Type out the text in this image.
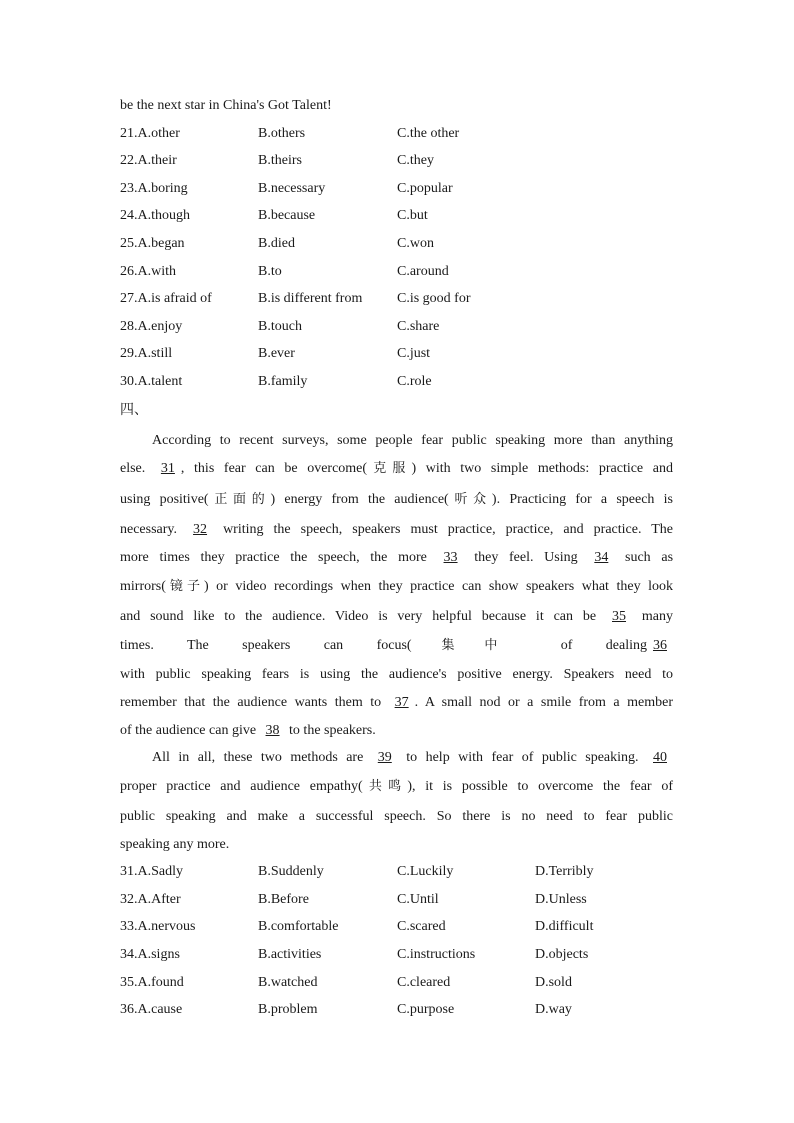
be the next star in China's Got Talent!
21.A.other	B.others	C.the other
22.A.their	B.theirs	C.they
23.A.boring	B.necessary	C.popular
24.A.though	B.because	C.but
25.A.began	B.died	C.won
26.A.with	B.to	C.around
27.A.is afraid of	B.is different from C.is good for
28.A.enjoy	B.touch	C.share
29.A.still	B.ever	C.just
30.A.talent	B.family	C.role
四、
According to recent surveys, some people fear public speaking more than anything
else. 31 , this fear can be overcome(克服) with two simple methods: practice and
using positive(正面的) energy from the audience(听众). Practicing for a speech is
necessary. 32 writing the speech, speakers must practice, practice, and practice. The
more times they practice the speech, the more 33 they feel. Using 34 such as
mirrors(镜子) or video recordings when they practice can show speakers what they look
and sound like to the audience. Video is very helpful because it can be 35 many
times. The speakers can focus(集中 of dealing 36
with public speaking fears is using the audience's positive energy. Speakers need to
remember that the audience wants them to 37 . A small nod or a smile from a member
of the audience can give 38 to the speakers.
All in all, these two methods are 39 to help with fear of public speaking. 40
proper practice and audience empathy(共鸣), it is possible to overcome the fear of
public speaking and make a successful speech. So there is no need to fear public
speaking any more.
31.A.Sadly	B.Suddenly	C.Luckily	D.Terribly
32.A.After	B.Before	C.Until	D.Unless
33.A.nervous	B.comfortable	C.scared	D.difficult
34.A.signs	B.activities	C.instructions	D.objects
35.A.found	B.watched	C.cleared	D.sold
36.A.cause	B.problem	C.purpose	D.way
